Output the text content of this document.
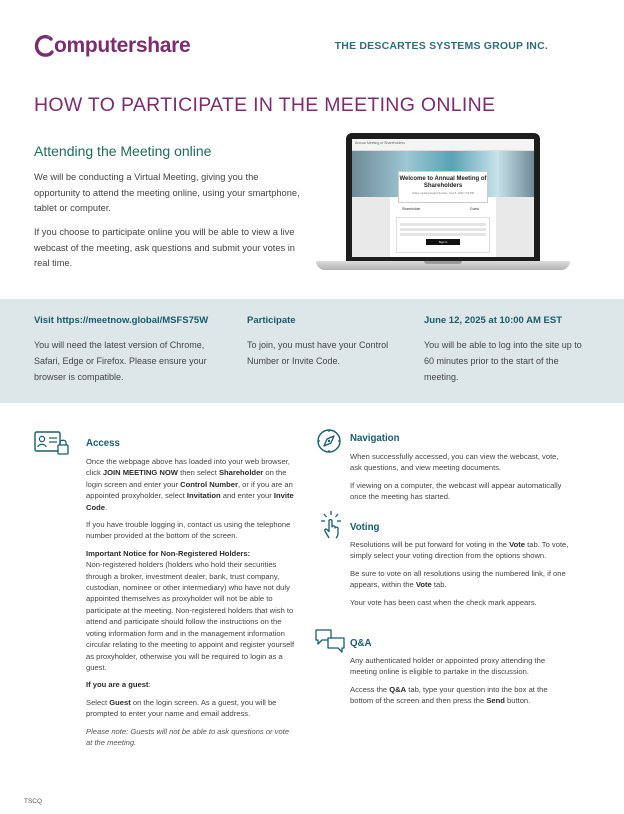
omputershare	THE DESCARTES SYSTEMS GROUP INC.
HOW TO PARTICIPATE IN THE MEETING ONLINE
Attending the Meeting online
We will be conducting a Virtual Meeting, giving you the opportunity to attend the meeting online, using your smartphone, tablet or computer.
If you choose to participate online you will be able to view a live webcast of the meeting, ask questions and submit your votes in real time.
Annual Meeting of Shareholders
Welcome to Annual Meeting of Shareholders
Online meeting begins Sunday, June 5, 2022 7:00 PM
Shareholder	Guest
Sign in
Visit https://meetnow.global/MSFS75W
You will need the latest version of Chrome, Safari, Edge or Firefox. Please ensure your browser is compatible.
Participate
To join, you must have your Control Number or Invite Code.
June 12, 2025 at 10:00 AM EST
You will be able to log into the site up to 60 minutes prior to the start of the meeting.
Access

Once the webpage above has loaded into your web browser, click JOIN MEETING NOW then select Shareholder on the login screen and enter your Control Number, or if you are an appointed proxyholder, select Invitation and enter your Invite Code.

If you have trouble logging in, contact us using the telephone number provided at the bottom of the screen.

Important Notice for Non-Registered Holders:

Non-registered holders (holders who hold their securities through a broker, investment dealer, bank, trust company, custodian, nominee or other intermediary) who have not duly appointed themselves as proxyholder will not be able to participate at the meeting. Non-registered holders that wish to attend and participate should follow the instructions on the voting information form and in the management information circular relating to the meeting to appoint and register yourself as proxyholder, otherwise you will be required to login as a guest.

If you are a guest:

Select Guest on the login screen. As a guest, you will be prompted to enter your name and email address.

Please note: Guests will not be able to ask questions or vote at the meeting.

Navigation

When successfully accessed, you can view the webcast, vote, ask questions, and view meeting documents.

If viewing on a computer, the webcast will appear automatically once the meeting has started.

Voting

Resolutions will be put forward for voting in the Vote tab. To vote, simply select your voting direction from the options shown.

Be sure to vote on all resolutions using the numbered link, if one appears, within the Vote tab.

Your vote has been cast when the check mark appears.

Q&A

Any authenticated holder or appointed proxy attending the meeting online is eligible to partake in the discussion.

Access the Q&A tab, type your question into the box at the bottom of the screen and then press the Send button.

TSCQ
